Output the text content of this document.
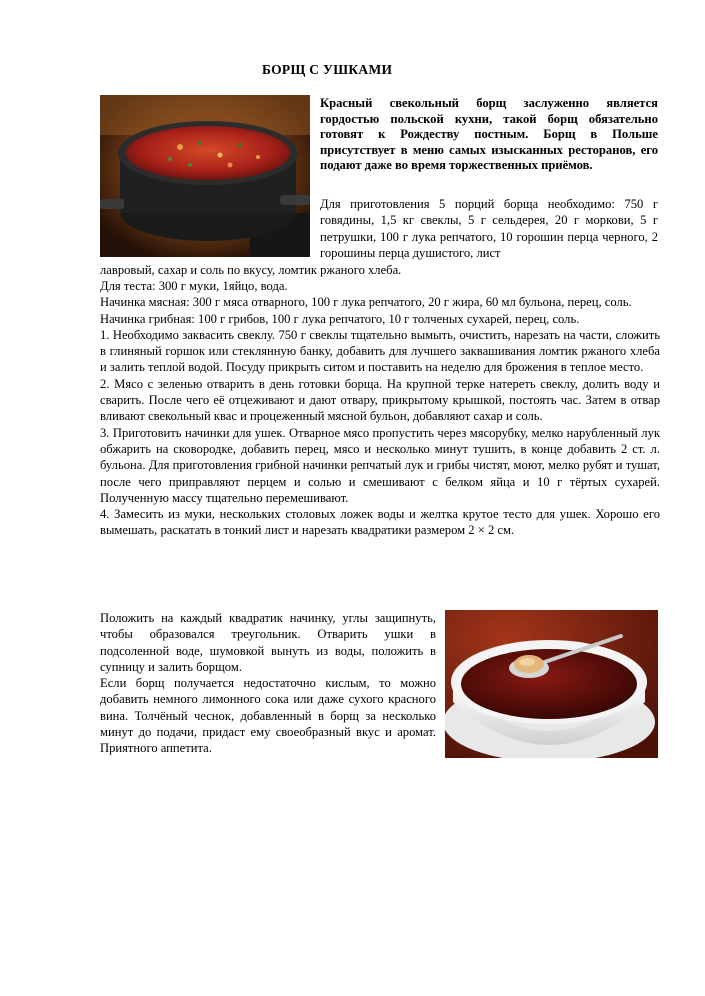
БОРЩ С УШКАМИ
Красный свекольный борщ заслуженно является гордостью польской кухни, такой борщ обязательно готовят к Рождеству постным. Борщ в Польше присутствует в меню самых изысканных ресторанов, его подают даже во время торжественных приёмов.
Для приготовления 5 порций борща необходимо: 750 г говядины, 1,5 кг свеклы, 5 г сельдерея, 20 г моркови, 5 г петрушки, 100 г лука репчатого, 10 горошин перца черного, 2 горошины перца душистого, лист
лавровый, сахар и соль по вкусу, ломтик ржаного хлеба.

Для теста: 300 г муки, 1яйцо, вода.

Начинка мясная: 300 г мяса отварного, 100 г лука репчатого, 20 г жира, 60 мл бульона, перец, соль.

Начинка грибная: 100 г грибов, 100 г лука репчатого, 10 г толченых сухарей, перец, соль.

1. Необходимо заквасить свеклу. 750 г свеклы тщательно вымыть, очистить, нарезать на части, сложить в глиняный горшок или стеклянную банку, добавить для лучшего заквашивания ломтик ржаного хлеба и залить теплой водой. Посуду прикрыть ситом и поставить на неделю для брожения в теплое место.

2. Мясо с зеленью отварить в день готовки борща. На крупной терке натереть свеклу, долить воду и сварить. После чего её отцеживают и дают отвару, прикрытому крышкой, постоять час. Затем в отвар вливают свекольный квас и процеженный мясной бульон, добавляют сахар и соль.

3. Приготовить начинки для ушек. Отварное мясо пропустить через мясорубку, мелко нарубленный лук обжарить на сковородке, добавить перец, мясо и несколько минут тушить, в конце добавить 2 ст. л. бульона. Для приготовления грибной начинки репчатый лук и грибы чистят, моют, мелко рубят и тушат, после чего приправляют перцем и солью и смешивают с белком яйца и 10 г тёртых сухарей. Полученную массу тщательно перемешивают.

4. Замесить из муки, нескольких столовых ложек воды и желтка крутое тесто для ушек. Хорошо его вымешать, раскатать в тонкий лист и нарезать квадратики размером 2 × 2 см.

Положить на каждый квадратик начинку, углы защипнуть, чтобы образовался треугольник. Отварить ушки в подсоленной воде, шумовкой вынуть из воды, положить в супницу и залить борщом.

Если борщ получается недостаточно кислым, то можно добавить немного лимонного сока или даже сухого красного вина. Толчёный чеснок, добавленный в борщ за несколько минут до подачи, придаст ему своеобразный вкус и аромат. Приятного аппетита.
